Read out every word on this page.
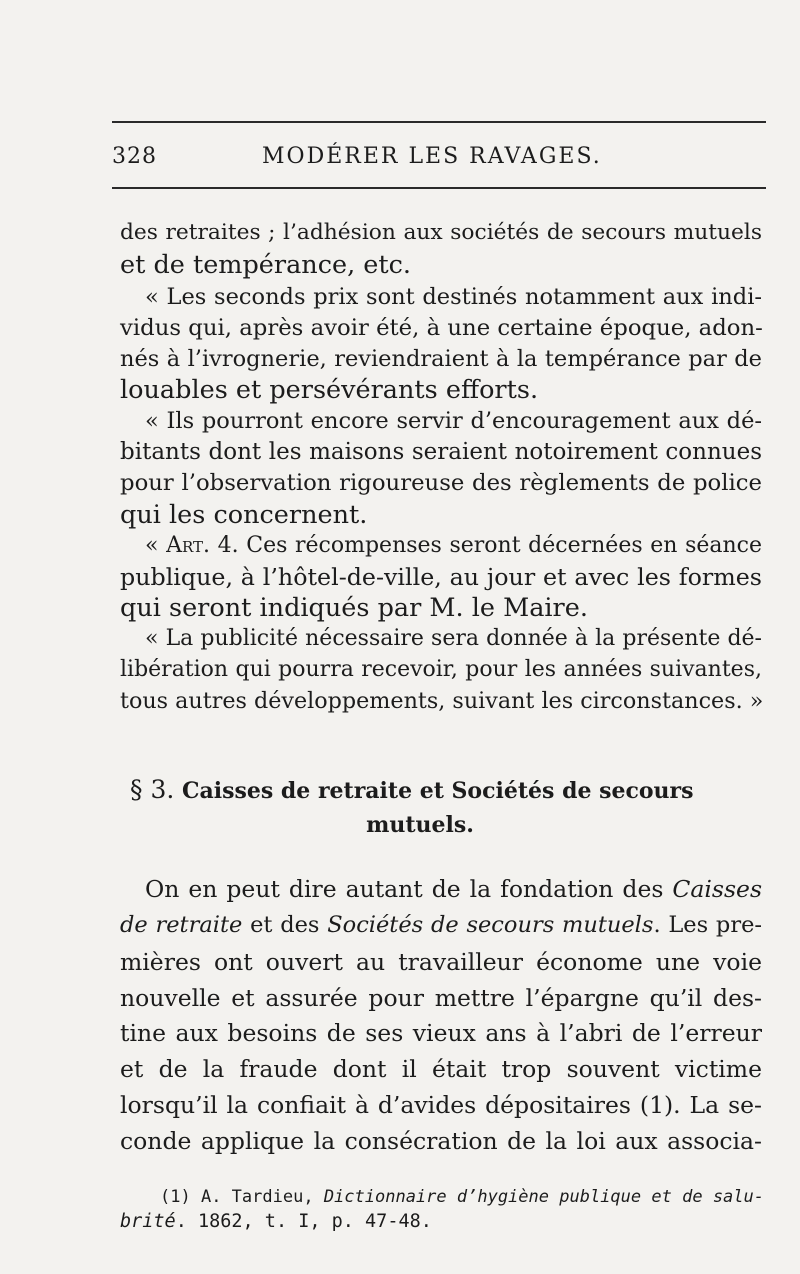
328	MODÉRER LES RAVAGES.
des retraites ; l’adhésion aux sociétés de secours mutuels
et de tempérance, etc.
« Les seconds prix sont destinés notamment aux indi-
vidus qui, après avoir été, à une certaine époque, adon-
nés à l’ivrognerie, reviendraient à la tempérance par de
louables et persévérants efforts.
« Ils pourront encore servir d’encouragement aux dé-
bitants dont les maisons seraient notoirement connues
pour l’observation rigoureuse des règlements de police
qui les concernent.
« Art. 4. Ces récompenses seront décernées en séance
publique, à l’hôtel-de-ville, au jour et avec les formes
qui seront indiqués par M. le Maire.
« La publicité nécessaire sera donnée à la présente dé-
libération qui pourra recevoir, pour les années suivantes,
tous autres développements, suivant les circonstances. »
§ 3. Caisses de retraite et Sociétés de secours
mutuels.
On en peut dire autant de la fondation des Caisses
de retraite et des Sociétés de secours mutuels. Les pre-
mières ont ouvert au travailleur économe une voie
nouvelle et assurée pour mettre l’épargne qu’il des-
tine aux besoins de ses vieux ans à l’abri de l’erreur
et de la fraude dont il était trop souvent victime
lorsqu’il la confiait à d’avides dépositaires (1). La se-
conde applique la consécration de la loi aux associa-
(1) A. Tardieu, Dictionnaire d’hygiène publique et de salu-
brité. 1862, t. I, p. 47-48.
